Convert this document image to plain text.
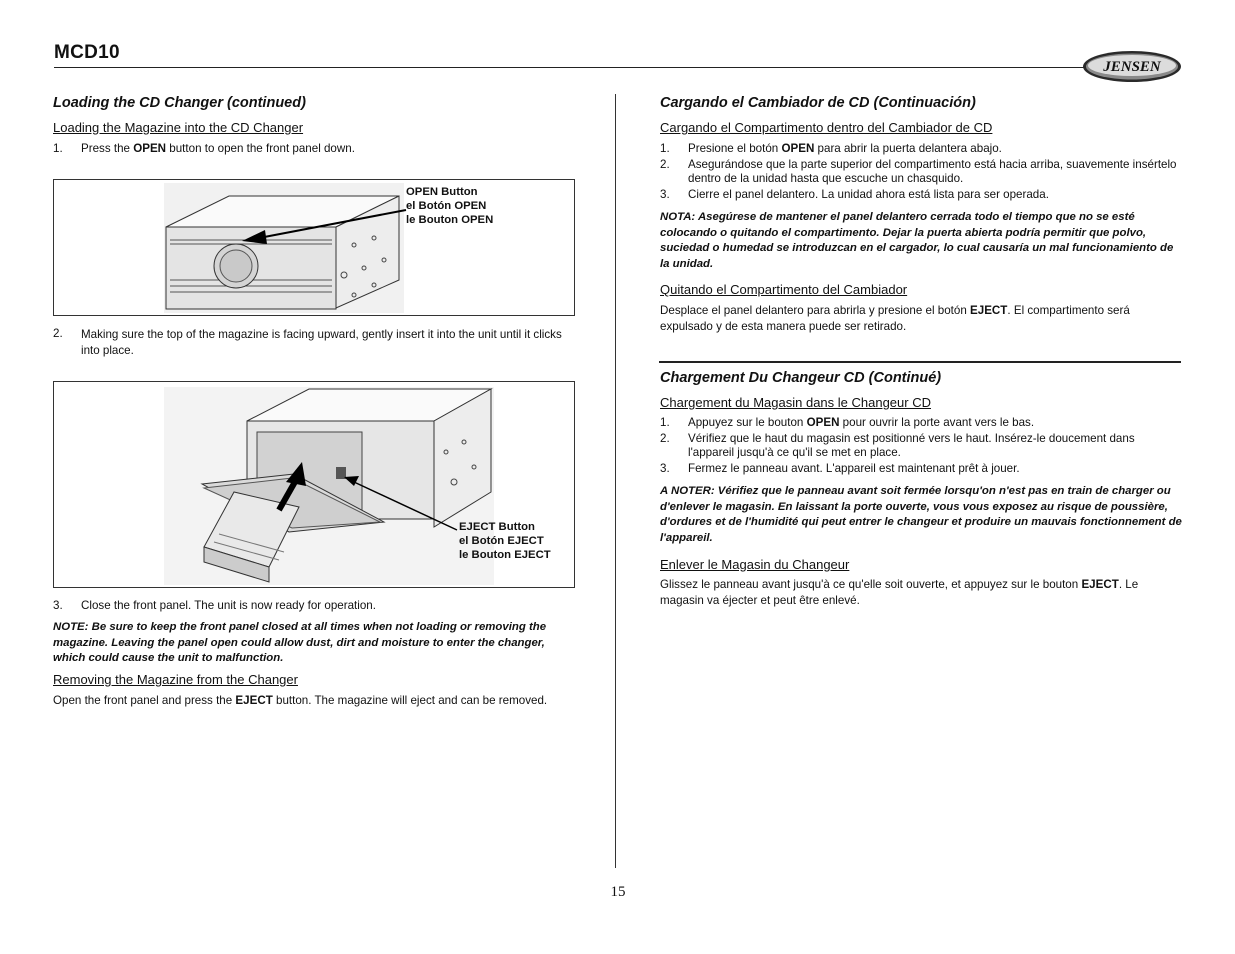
MCD10
JENSEN
15
Loading the CD Changer (continued)
Loading the Magazine into the CD Changer
1.	Press the OPEN button to open the front panel down.
OPEN Button
el Botón OPEN
le Bouton OPEN
2.	Making sure the top of the magazine is facing upward, gently insert it into the unit until it clicks into place.
EJECT Button
el Botón EJECT
le Bouton EJECT
3.	Close the front panel. The unit is now ready for operation.
NOTE: Be sure to keep the front panel closed at all times when not loading or removing the magazine. Leaving the panel open could allow dust, dirt and moisture to enter the changer, which could cause the unit to malfunction.
Removing the Magazine from the Changer
Open the front panel and press the EJECT button. The magazine will eject and can be removed.
Cargando el Cambiador de CD (Continuación)
Cargando el Compartimento dentro del Cambiador de CD
1.	Presione el botón OPEN para abrir la puerta delantera abajo.
2.	Asegurándose que la parte superior del compartimento está hacia arriba, suavemente insértelo dentro de la unidad hasta que escuche un chasquido.
3.	Cierre el panel delantero. La unidad ahora está lista para ser operada.
NOTA: Asegúrese de mantener el panel delantero cerrada todo el tiempo que no se esté colocando o quitando el compartimento. Dejar la puerta abierta podría permitir que polvo, suciedad o humedad se introduzcan en el cargador, lo cual causaría un mal funcionamiento de la unidad.
Quitando el Compartimento del Cambiador
Desplace el panel delantero para abrirla y presione el botón EJECT. El compartimento será expulsado y de esta manera puede ser retirado.
Chargement Du Changeur CD (Continué)
Chargement du Magasin dans le Changeur CD
1.	Appuyez sur le bouton OPEN pour ouvrir la porte avant vers le bas.
2.	Vérifiez que le haut du magasin est positionné vers le haut. Insérez-le doucement dans l'appareil jusqu'à ce qu'il se met en place.
3.	Fermez le panneau avant. L'appareil est maintenant prêt à jouer.
A NOTER: Vérifiez que le panneau avant soit fermée lorsqu'on n'est pas en train de charger ou d'enlever le magasin. En laissant la porte ouverte, vous vous exposez au risque de poussière, d'ordures et de l'humidité qui peut entrer le changeur et produire un mauvais fonctionnement de l'appareil.
Enlever le Magasin du Changeur
Glissez le panneau avant jusqu'à ce qu'elle soit ouverte, et appuyez sur le bouton EJECT. Le magasin va éjecter et peut être enlevé.
